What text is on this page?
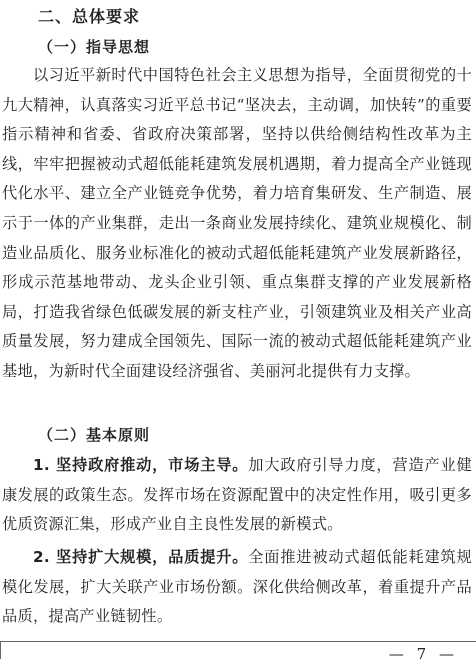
二、总体要求
（一）指导思想

以习近平新时代中国特色社会主义思想为指导，全面贯彻党的十九大精神，认真落实习近平总书记“坚决去，主动调，加快转”的重要指示精神和省委、省政府决策部署，坚持以供给侧结构性改革为主线，牢牢把握被动式超低能耗建筑发展机遇期，着力提高全产业链现代化水平、建立全产业链竞争优势，着力培育集研发、生产制造、展示于一体的产业集群，走出一条商业发展持续化、建筑业规模化、制造业品质化、服务业标准化的被动式超低能耗建筑产业发展新路径，形成示范基地带动、龙头企业引领、重点集群支撑的产业发展新格局，打造我省绿色低碳发展的新支柱产业，引领建筑业及相关产业高质量发展，努力建成全国领先、国际一流的被动式超低能耗建筑产业基地，为新时代全面建设经济强省、美丽河北提供有力支撑。

（二）基本原则

1. 坚持政府推动，市场主导。加大政府引导力度，营造产业健康发展的政策生态。发挥市场在资源配置中的决定性作用，吸引更多优质资源汇集，形成产业自主良性发展的新模式。

2. 坚持扩大规模，品质提升。全面推进被动式超低能耗建筑规模化发展，扩大关联产业市场份额。深化供给侧改革，着重提升产品品质，提高产业链韧性。

— 7 —
